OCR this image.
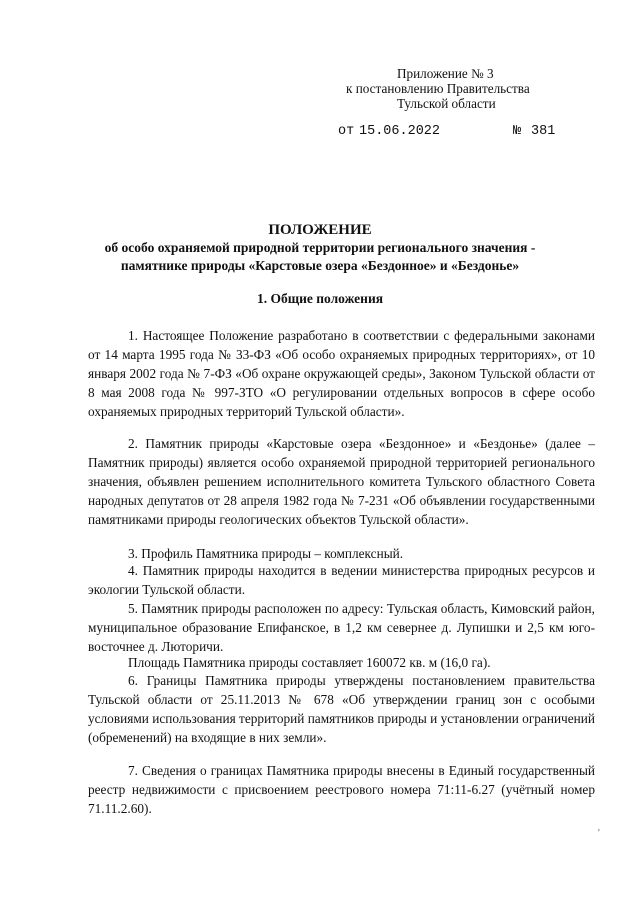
Приложение № 3
к постановлению Правительства
Тульской области
от 15.06.2022	№ 381
ПОЛОЖЕНИЕ
об особо охраняемой природной территории регионального значения -
памятнике природы «Карстовые озера «Бездонное» и «Бездонье»
1. Общие положения

1. Настоящее Положение разработано в соответствии с федеральными законами от 14 марта 1995 года № 33-ФЗ «Об особо охраняемых природных территориях», от 10 января 2002 года № 7-ФЗ «Об охране окружающей среды», Законом Тульской области от 8 мая 2008 года № 997-ЗТО «О регулировании отдельных вопросов в сфере особо охраняемых природных территорий Тульской области».

2. Памятник природы «Карстовые озера «Бездонное» и «Бездонье» (далее – Памятник природы) является особо охраняемой природной территорией регионального значения, объявлен решением исполнительного комитета Тульского областного Совета народных депутатов от 28 апреля 1982 года № 7-231 «Об объявлении государственными памятниками природы геологических объектов Тульской области».

3. Профиль Памятника природы – комплексный.

4. Памятник природы находится в ведении министерства природных ресурсов и экологии Тульской области.

5. Памятник природы расположен по адресу: Тульская область, Кимовский район, муниципальное образование Епифанское, в 1,2 км севернее д. Лупишки и 2,5 км юго-восточнее д. Люторичи.

Площадь Памятника природы составляет 160072 кв. м (16,0 га).

6. Границы Памятника природы утверждены постановлением правительства Тульской области от 25.11.2013 № 678 «Об утверждении границ зон с особыми условиями использования территорий памятников природы и установлении ограничений (обременений) на входящие в них земли».

7. Сведения о границах Памятника природы внесены в Единый государственный реестр недвижимости с присвоением реестрового номера 71:11-6.27 (учётный номер 71.11.2.60).

'
